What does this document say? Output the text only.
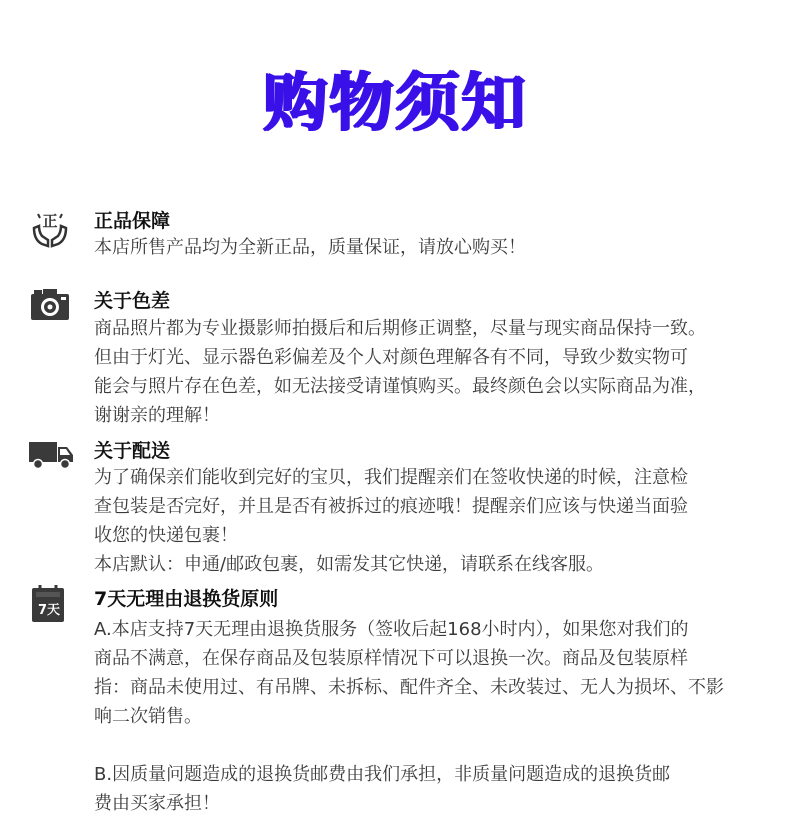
购物须知
正 正品保障

本店所售产品均为全新正品，质量保证，请放心购买！

关于色差

商品照片都为专业摄影师拍摄后和后期修正调整，尽量与现实商品保持一致。

但由于灯光、显示器色彩偏差及个人对颜色理解各有不同，导致少数实物可

能会与照片存在色差，如无法接受请谨慎购买。最终颜色会以实际商品为准，

谢谢亲的理解！

关于配送

为了确保亲们能收到完好的宝贝，我们提醒亲们在签收快递的时候，注意检

查包装是否完好，并且是否有被拆过的痕迹哦！提醒亲们应该与快递当面验

收您的快递包裹！

本店默认：申通/邮政包裹，如需发其它快递，请联系在线客服。

7天
7天无理由退换货原则

A.本店支持7天无理由退换货服务（签收后起168小时内），如果您对我们的

商品不满意，在保存商品及包装原样情况下可以退换一次。商品及包装原样

指：商品未使用过、有吊牌、未拆标、配件齐全、未改装过、无人为损坏、不影

响二次销售。

B.因质量问题造成的退换货邮费由我们承担，非质量问题造成的退换货邮

费由买家承担！
